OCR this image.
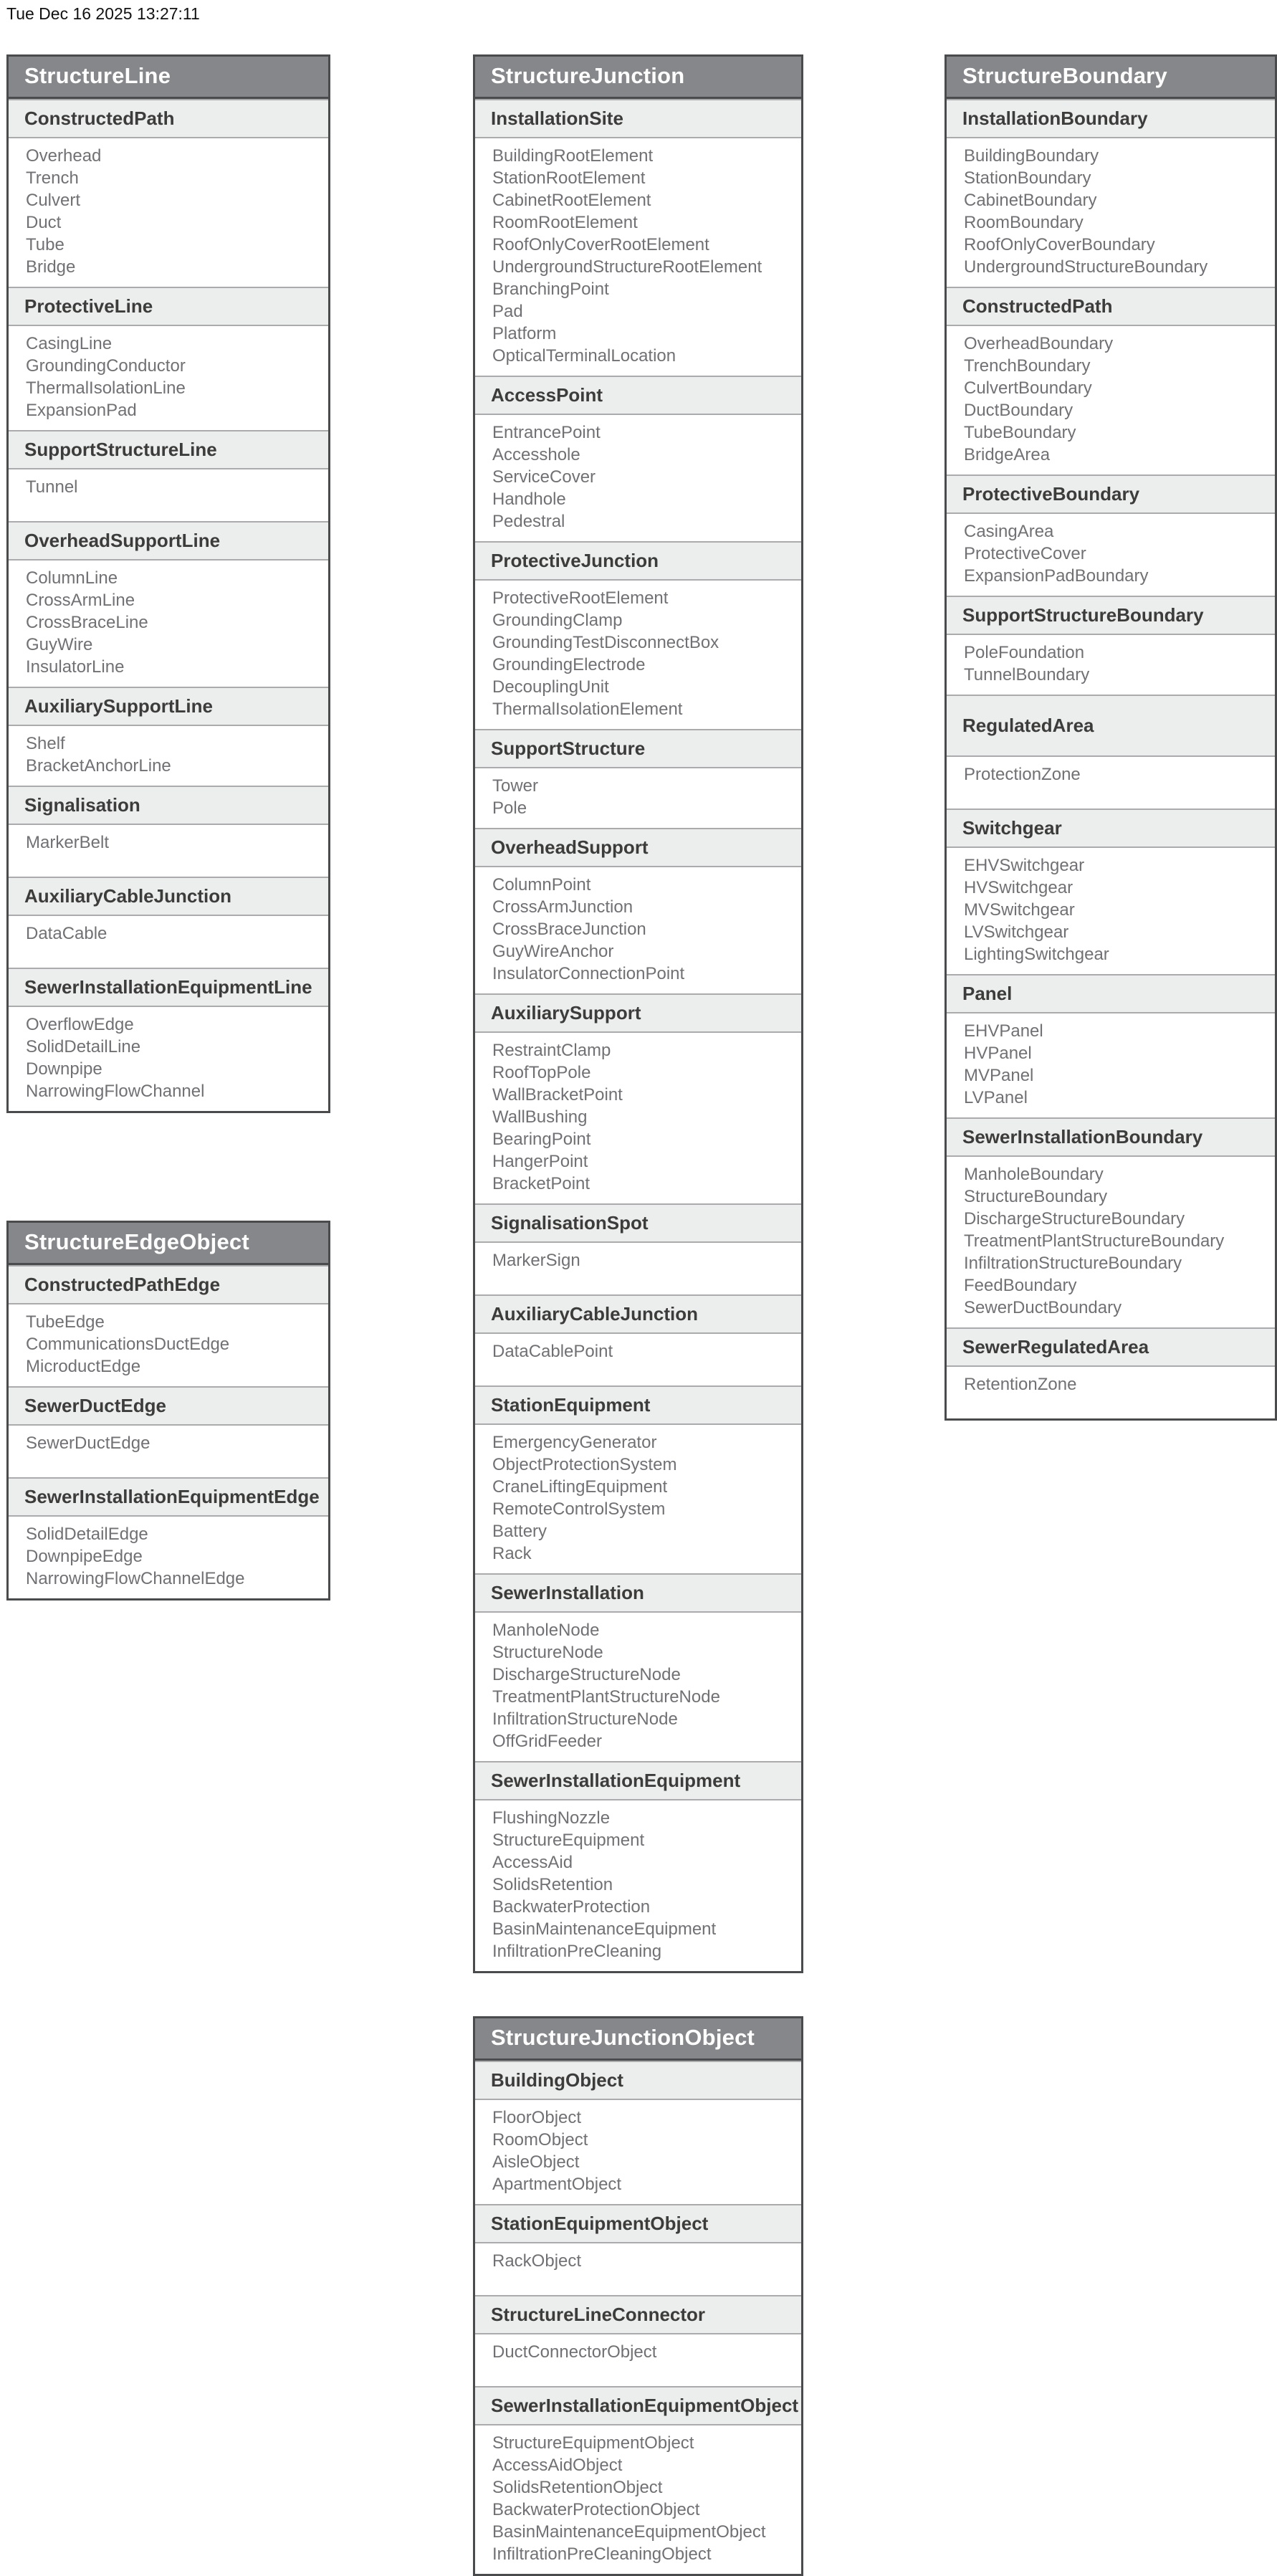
Tue Dec 16 2025 13:27:11
StructureLine
ConstructedPath
Overhead
Trench
Culvert
Duct
Tube
Bridge
ProtectiveLine
CasingLine
GroundingConductor
ThermalIsolationLine
ExpansionPad
SupportStructureLine
Tunnel
OverheadSupportLine
ColumnLine
CrossArmLine
CrossBraceLine
GuyWire
InsulatorLine
AuxiliarySupportLine
Shelf
BracketAnchorLine
Signalisation
MarkerBelt
AuxiliaryCableJunction
DataCable
SewerInstallationEquipmentLine
OverflowEdge
SolidDetailLine
Downpipe
NarrowingFlowChannel
StructureEdgeObject
ConstructedPathEdge
TubeEdge
CommunicationsDuctEdge
MicroductEdge
SewerDuctEdge
SewerDuctEdge
SewerInstallationEquipmentEdge
SolidDetailEdge
DownpipeEdge
NarrowingFlowChannelEdge
StructureJunction
InstallationSite
BuildingRootElement
StationRootElement
CabinetRootElement
RoomRootElement
RoofOnlyCoverRootElement
UndergroundStructureRootElement
BranchingPoint
Pad
Platform
OpticalTerminalLocation
AccessPoint
EntrancePoint
Accesshole
ServiceCover
Handhole
Pedestral
ProtectiveJunction
ProtectiveRootElement
GroundingClamp
GroundingTestDisconnectBox
GroundingElectrode
DecouplingUnit
ThermalIsolationElement
SupportStructure
Tower
Pole
OverheadSupport
ColumnPoint
CrossArmJunction
CrossBraceJunction
GuyWireAnchor
InsulatorConnectionPoint
AuxiliarySupport
RestraintClamp
RoofTopPole
WallBracketPoint
WallBushing
BearingPoint
HangerPoint
BracketPoint
SignalisationSpot
MarkerSign
AuxiliaryCableJunction
DataCablePoint
StationEquipment
EmergencyGenerator
ObjectProtectionSystem
CraneLiftingEquipment
RemoteControlSystem
Battery
Rack
SewerInstallation
ManholeNode
StructureNode
DischargeStructureNode
TreatmentPlantStructureNode
InfiltrationStructureNode
OffGridFeeder
SewerInstallationEquipment
FlushingNozzle
StructureEquipment
AccessAid
SolidsRetention
BackwaterProtection
BasinMaintenanceEquipment
InfiltrationPreCleaning
StructureJunctionObject
BuildingObject
FloorObject
RoomObject
AisleObject
ApartmentObject
StationEquipmentObject
RackObject
StructureLineConnector
DuctConnectorObject
SewerInstallationEquipmentObject
StructureEquipmentObject
AccessAidObject
SolidsRetentionObject
BackwaterProtectionObject
BasinMaintenanceEquipmentObject
InfiltrationPreCleaningObject
StructureBoundary
InstallationBoundary
BuildingBoundary
StationBoundary
CabinetBoundary
RoomBoundary
RoofOnlyCoverBoundary
UndergroundStructureBoundary
ConstructedPath
OverheadBoundary
TrenchBoundary
CulvertBoundary
DuctBoundary
TubeBoundary
BridgeArea
ProtectiveBoundary
CasingArea
ProtectiveCover
ExpansionPadBoundary
SupportStructureBoundary
PoleFoundation
TunnelBoundary
RegulatedArea
ProtectionZone
Switchgear
EHVSwitchgear
HVSwitchgear
MVSwitchgear
LVSwitchgear
LightingSwitchgear
Panel
EHVPanel
HVPanel
MVPanel
LVPanel
SewerInstallationBoundary
ManholeBoundary
StructureBoundary
DischargeStructureBoundary
TreatmentPlantStructureBoundary
InfiltrationStructureBoundary
FeedBoundary
SewerDuctBoundary
SewerRegulatedArea
RetentionZone
